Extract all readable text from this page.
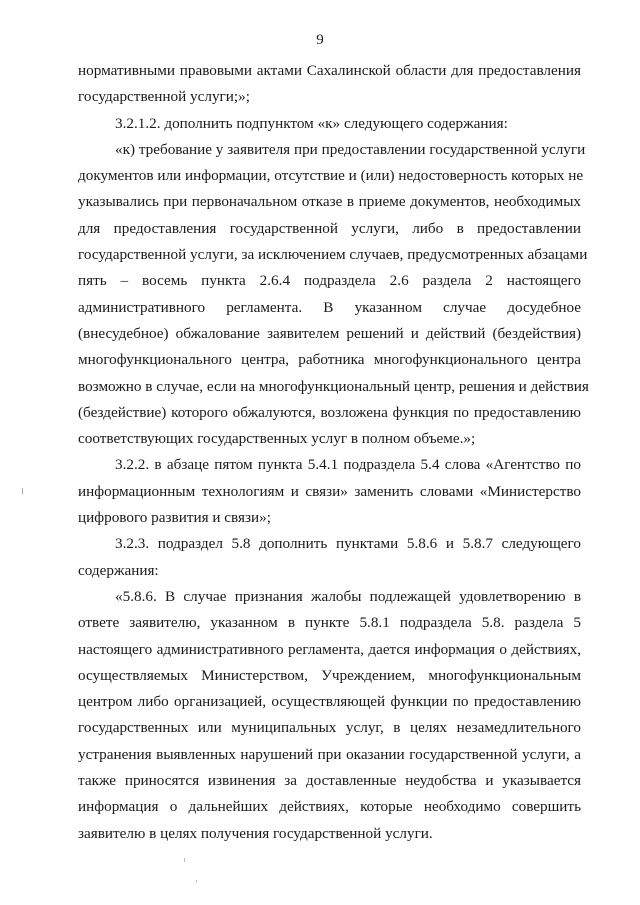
9
нормативными правовыми актами Сахалинской области для предоставления
государственной услуги;»;
3.2.1.2. дополнить подпунктом «к» следующего содержания:
«к) требование у заявителя при предоставлении государственной услуги
документов или информации, отсутствие и (или) недостоверность которых не
указывались при первоначальном отказе в приеме документов, необходимых
для предоставления государственной услуги, либо в предоставлении
государственной услуги, за исключением случаев, предусмотренных абзацами
пять – восемь пункта 2.6.4 подраздела 2.6 раздела 2 настоящего
административного регламента. В указанном случае досудебное
(внесудебное) обжалование заявителем решений и действий (бездействия)
многофункционального центра, работника многофункционального центра
возможно в случае, если на многофункциональный центр, решения и действия
(бездействие) которого обжалуются, возложена функция по предоставлению
соответствующих государственных услуг в полном объеме.»;
3.2.2. в абзаце пятом пункта 5.4.1 подраздела 5.4 слова «Агентство по
информационным технологиям и связи» заменить словами «Министерство
цифрового развития и связи»;
3.2.3. подраздел 5.8 дополнить пунктами 5.8.6 и 5.8.7 следующего
содержания:
«5.8.6. В случае признания жалобы подлежащей удовлетворению в
ответе заявителю, указанном в пункте 5.8.1 подраздела 5.8. раздела 5
настоящего административного регламента, дается информация о действиях,
осуществляемых Министерством, Учреждением, многофункциональным
центром либо организацией, осуществляющей функции по предоставлению
государственных или муниципальных услуг, в целях незамедлительного
устранения выявленных нарушений при оказании государственной услуги, а
также приносятся извинения за доставленные неудобства и указывается
информация о дальнейших действиях, которые необходимо совершить
заявителю в целях получения государственной услуги.
